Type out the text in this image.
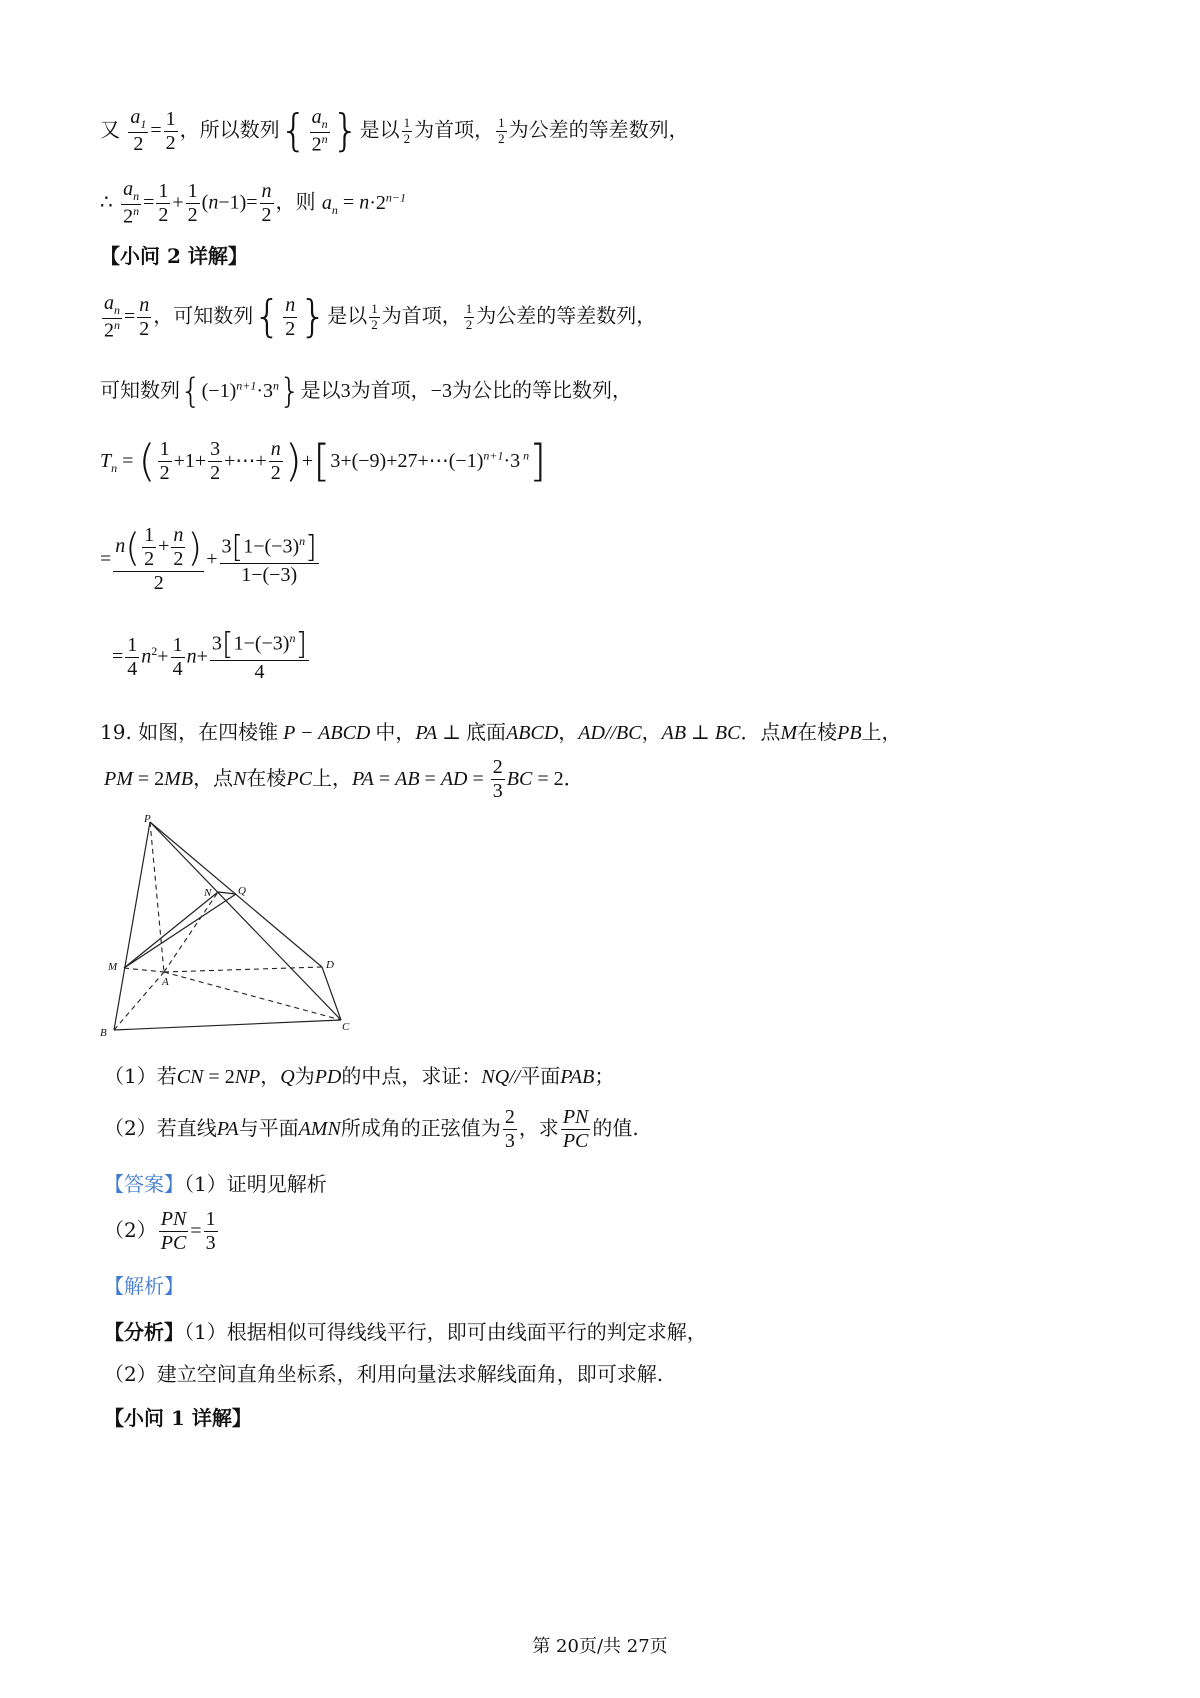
又 $\frac{a_1}{2} = \frac{1}{2}$ ，所以数列{ $\frac{a_n}{2^n}$ }是以 $\frac{1}{2}$ 为首项， $\frac{1}{2}$ 为公差的等差数列，
∴ $\frac{a_n}{2^n} = \frac{1}{2} + \frac{1}{2} (n-1)= \frac{n}{2}$ ，则 $a_n = n\cdot 2^{n-1}$
【小问 2 详解】
$\frac{a_n}{2^n} = \frac{n}{2}$ ，可知数列{ $\frac{n}{2}$ }是以 $\frac{1}{2}$ 为首项， $\frac{1}{2}$ 为公差的等差数列，
可知数列$\{(-1)^{n+1}\cdot 3^n\}$是以3为首项，−3为公比的等比数列，
$T_n$ = ( $\frac{1}{2} +1+ \frac{3}{2}$ +⋯+ $\frac{n}{2}$ )$+[3+(-9)+27+\cdots(-1)^{n+1}\cdot 3$ $^n$]
= $\frac{n( \frac{1}{2} + \frac{n}{2} )}{2} + \frac{3[1-(-3)^n]}{1-(-3)}$
= $\frac{1}{4} n^2+ \frac{1}{4} n+ \frac{3[1-(-3)^n]}{4}$
19. 如图，在四棱锥 P − ABCD 中，PA ⊥ 底面ABCD，AD//BC，AB ⊥ BC．点M在棱PB上，
PM = 2MB，点N在棱PC上，PA = AB = AD = $\frac{2}{3}$ BC = 2．
P
N Q
M	D
A
B	C
（1）若CN = 2NP，Q为PD的中点，求证：NQ//平面PAB；
（2）若直线PA与平面AMN所成角的正弦值为 $\frac{2}{3}$ ，求 $\frac{PN}{PC}$ 的值.
【答案】（1）证明见解析
$(2) \frac{PN}{PC} = \frac{1}{3}$
【解析】
【分析】（1）根据相似可得线线平行，即可由线面平行的判定求解，
（2）建立空间直角坐标系，利用向量法求解线面角，即可求解.
【小问 1 详解】
第 20页/共 27页
